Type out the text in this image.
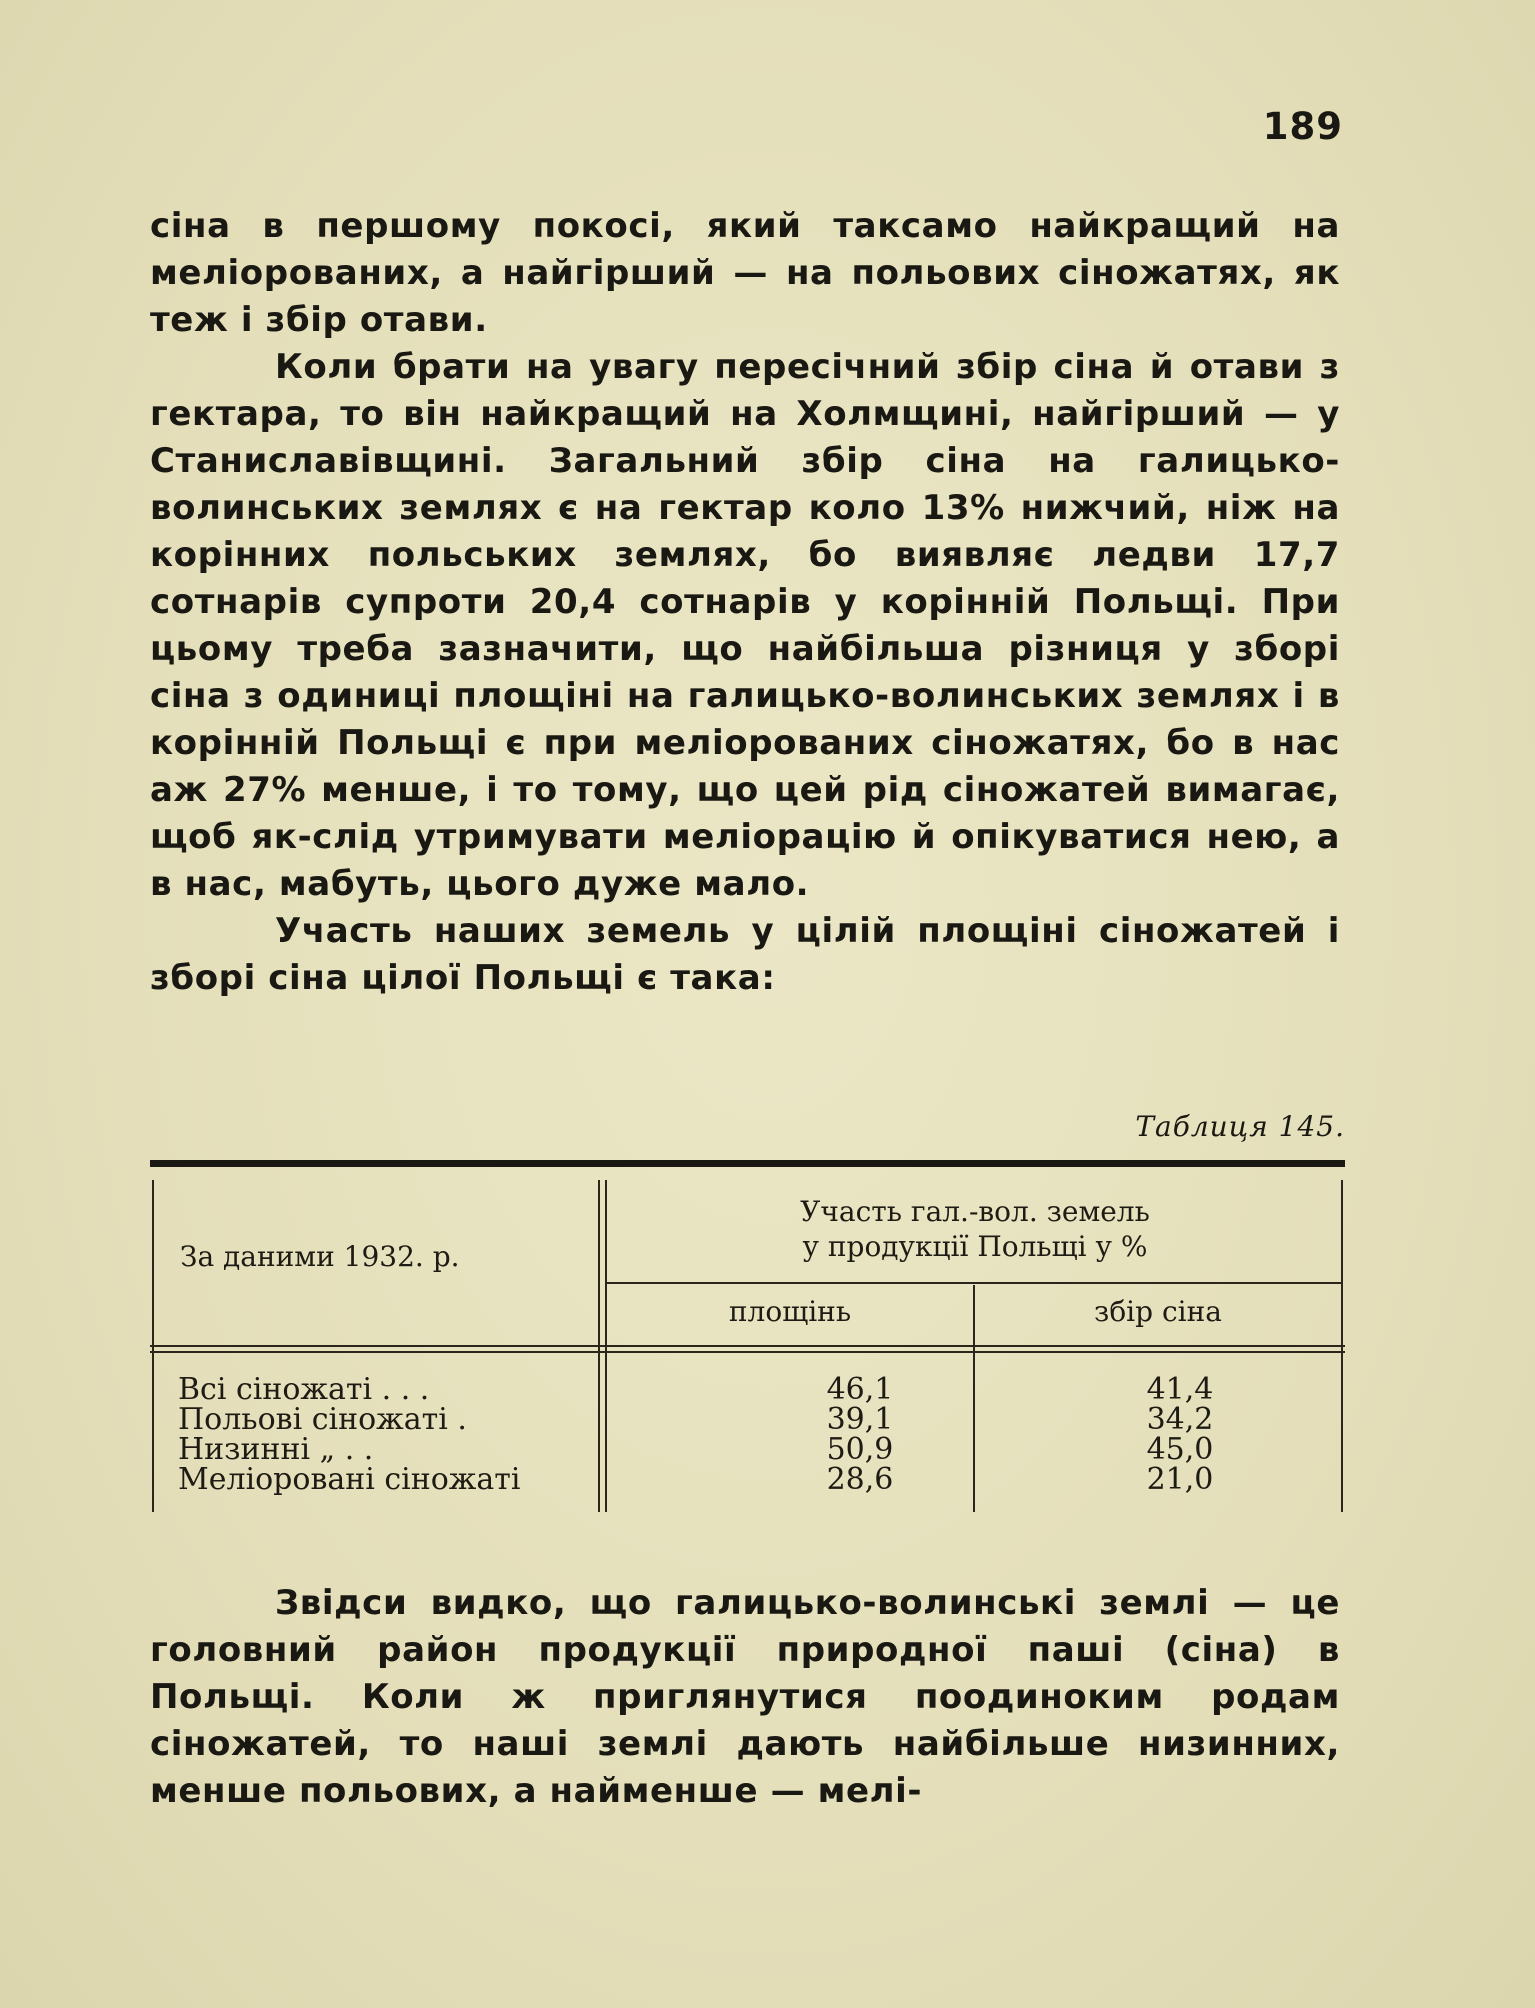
189

сіна в першому покосі, який таксамо найкращий на меліорованих, а найгірший — на польових сіножатях, як теж і збір отави.

Коли брати на увагу пересічний збір сіна й отави з гектара, то він найкращий на Холмщині, найгірший — у Станиславівщині. Загальний збір сіна на галицько-волинських землях є на гектар коло 13% нижчий, ніж на корінних польських землях, бо виявляє ледви 17,7 сотнарів супроти 20,4 сотнарів у корінній Польщі. При цьому треба зазначити, що найбільша різниця у зборі сіна з одиниці площіні на галицько-волинських землях і в корінній Польщі є при меліорованих сіножатях, бо в нас аж 27% менше, і то тому, що цей рід сіножатей вимагає, щоб як-слід утримувати меліорацію й опікуватися нею, а в нас, мабуть, цього дуже мало.

Участь наших земель у цілій площіні сіножатей і зборі сіна цілої Польщі є така:

Таблиця 145.
За даними 1932. р.
Участь гал.-вол. земель
у продукції Польщі у %
площінь	збір сіна
Всі сіножаті . . .	46,1	41,4
Польові сіножаті .	39,1	34,2
Низинні „ . .	50,9	45,0
Меліоровані сіножаті	28,6	21,0

Звідси видко, що галицько-волинські землі — це головний район продукції природної паші (сіна) в Польщі. Коли ж приглянутися поодиноким родам сіножатей, то наші землі дають найбільше низинних, менше польових, а найменше — мелі-
